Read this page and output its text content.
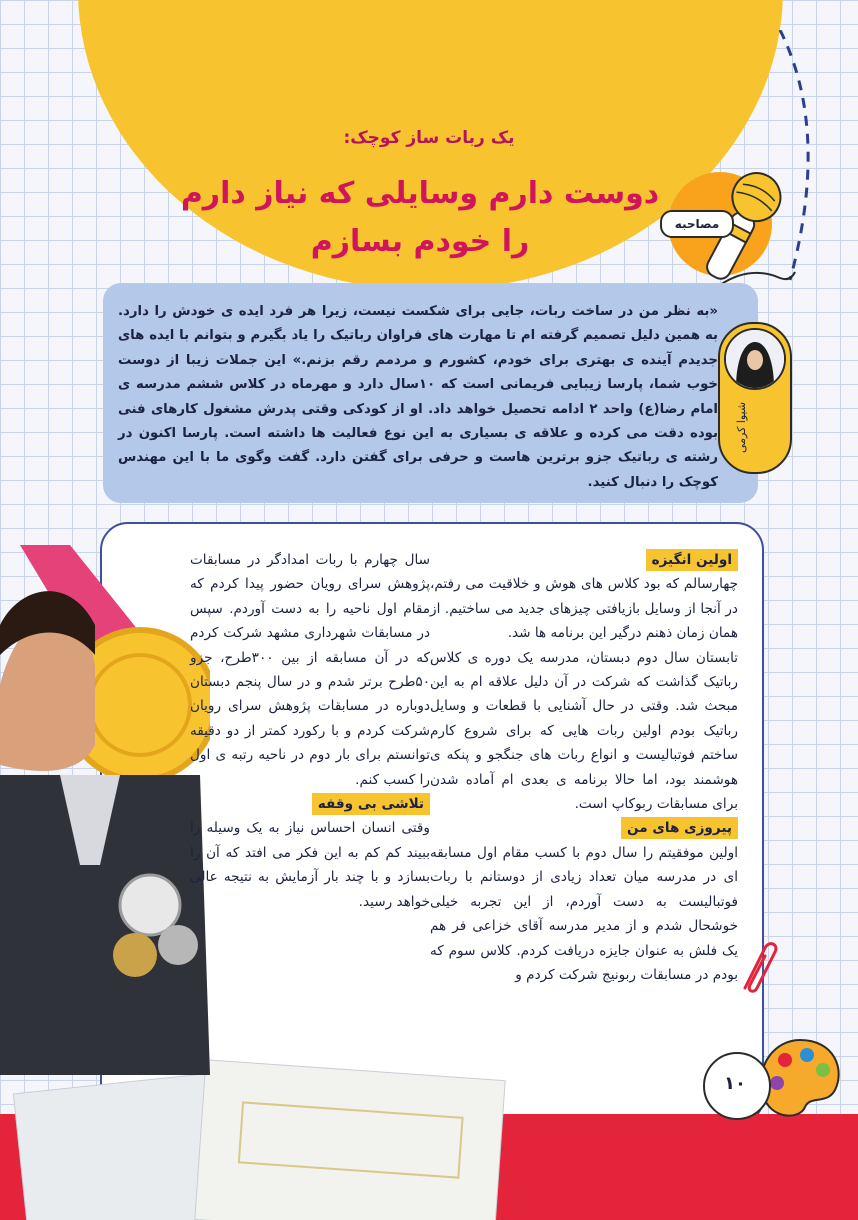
یک ربات ساز کوچک:
دوست دارم وسایلی که نیاز دارم
را خودم بسازم	مصاحبه
«به نظر من در ساخت ربات، جایی برای شکست نیست، زیرا هر فرد ایده ی خودش را دارد. به همین دلیل تصمیم گرفته ام تا مهارت های فراوان رباتیک را یاد بگیرم و بتوانم با ایده های جدیدم آینده ی بهتری برای خودم، کشورم و مردمم رقم بزنم.» این جملات زیبا از دوست خوب شما، پارسا زیبایی فریمانی است که ۱۰سال دارد و مهرماه در کلاس ششم مدرسه ی امام رضا(ع) واحد ۲ ادامه تحصیل خواهد داد. او از کودکی وقتی پدرش مشغول کارهای فنی بوده دقت می کرده و علاقه ی بسیاری به این نوع فعالیت ها داشته است. پارسا اکنون در رشته ی رباتیک جزو برترین هاست و حرفی برای گفتن دارد. گفت وگوی ما با این مهندس کوچک را دنبال کنید.
شیوا کرمی

اولین انگیزه

چهارسالم که بود کلاس های هوش و خلاقیت می رفتم، در آنجا از وسایل بازیافتی چیزهای جدید می ساختیم. از همان زمان ذهنم درگیر این برنامه ها شد.

تابستان سال دوم دبستان، مدرسه یک دوره ی کلاس رباتیک گذاشت که شرکت در آن دلیل علاقه ام به این مبحث شد. وقتی در حال آشنایی با قطعات و وسایل رباتیک بودم اولین ربات هایی که برای شروع کارم ساختم فوتبالیست و انواع ربات های جنگجو و پنکه ی هوشمند بود، اما حالا برنامه ی بعدی ام آماده شدن برای مسابقات ربوکاپ است.

پیروزی های من

اولین موفقیتم را سال دوم با کسب مقام اول مسابقه ای در مدرسه میان تعداد زیادی از دوستانم با ربات فوتبالیست به دست آوردم، از این تجربه خیلی خوشحال شدم و از مدیر مدرسه آقای خزاعی فر هم یک فلش به عنوان جایزه دریافت کردم. کلاس سوم که بودم در مسابقات ربونیج شرکت کردم و

سال چهارم با ربات امدادگر در مسابقات پژوهش سرای رویان حضور پیدا کردم که مقام اول ناحیه را به دست آوردم. سپس در مسابقات شهرداری مشهد شرکت کردم که در آن مسابقه از بین ۳۰۰طرح، جزو ۵۰طرح برتر شدم و در سال پنجم دبستان دوباره در مسابقات پژوهش سرای رویان شرکت کردم و با رکورد کمتر از دو دقیقه توانستم برای بار دوم در ناحیه رتبه ی اول را کسب کنم.

تلاشی بی وقفه

وقتی انسان احساس نیاز به یک وسیله را ببیند کم کم به این فکر می افتد که آن را بسازد و با چند بار آزمایش به نتیجه عالی خواهد رسید.

۱۰
